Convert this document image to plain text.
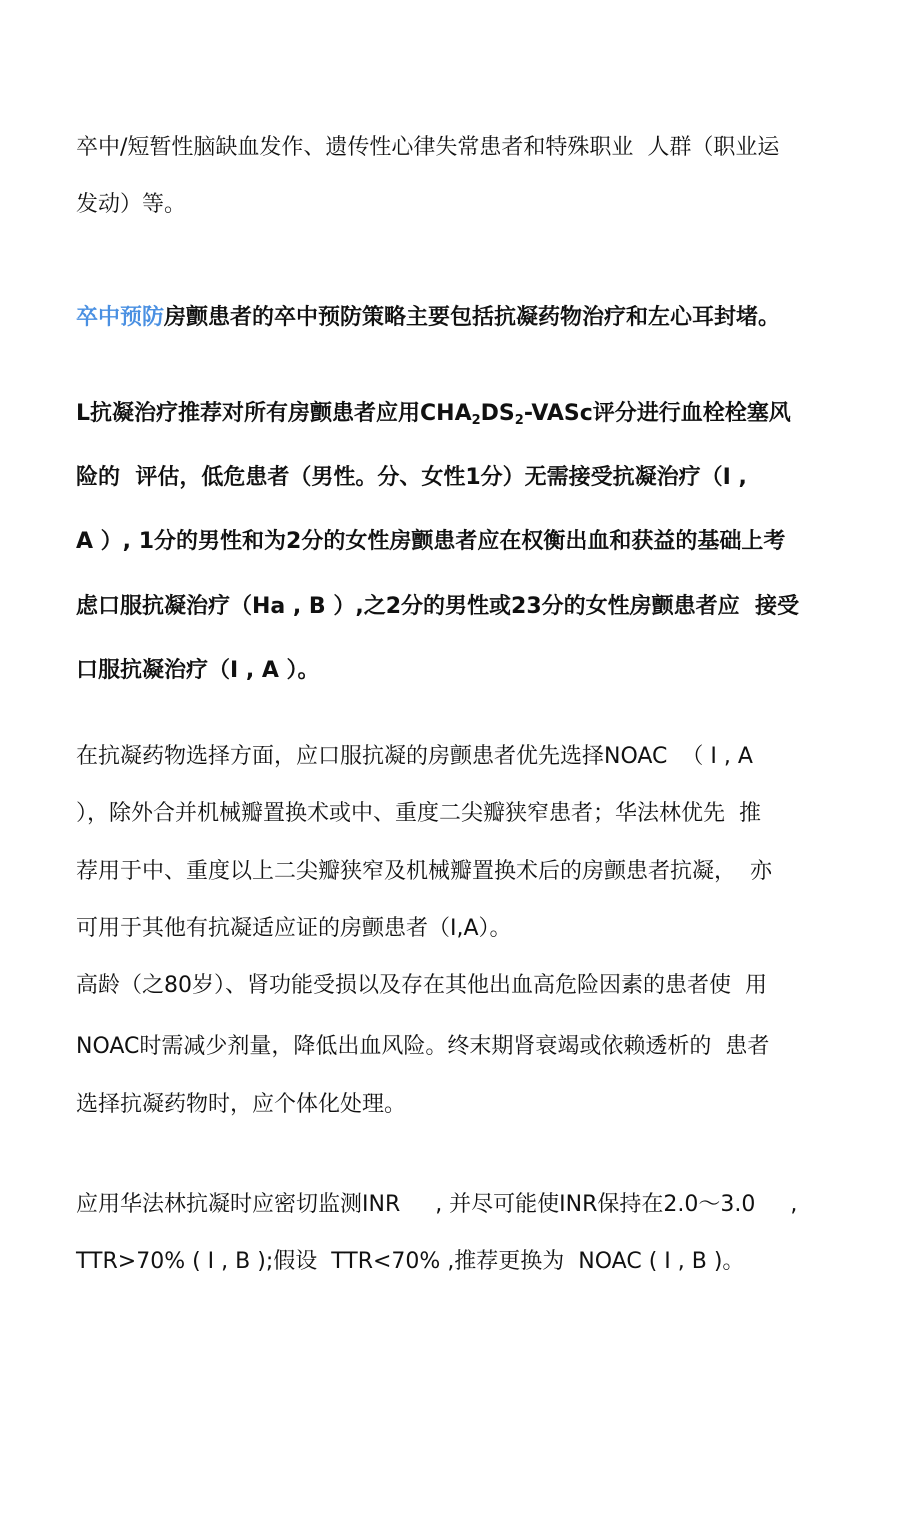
卒中/短暂性脑缺血发作、遗传性心律失常患者和特殊职业  人群（职业运
发动）等。
卒中预防房颤患者的卒中预防策略主要包括抗凝药物治疗和左心耳封堵。
L抗凝治疗推荐对所有房颤患者应用$CHA_2DS_2$-VASc评分进行血栓栓塞风
险的  评估，低危患者（男性。分、女性1分）无需接受抗凝治疗（I ,
A ）, 1分的男性和为2分的女性房颤患者应在权衡出血和获益的基础上考
虑口服抗凝治疗（Ha , B ）,之2分的男性或23分的女性房颤患者应  接受
口服抗凝治疗（I , A ）。
在抗凝药物选择方面，应口服抗凝的房颤患者优先选择NOAC  （ I , A
），除外合并机械瓣置换术或中、重度二尖瓣狭窄患者；华法林优先  推
荐用于中、重度以上二尖瓣狭窄及机械瓣置换术后的房颤患者抗凝，  亦
可用于其他有抗凝适应证的房颤患者（I,A）。
高龄（之80岁）、肾功能受损以及存在其他出血高危险因素的患者使  用
NOAC时需减少剂量，降低出血风险。终末期肾衰竭或依赖透析的  患者
选择抗凝药物时，应个体化处理。
应用华法林抗凝时应密切监测INR     , 并尽可能使INR保持在2.0～3.0     ,
TTR>70% ( I , B );假设  TTR<70% ,推荐更换为  NOAC ( I , B )。
